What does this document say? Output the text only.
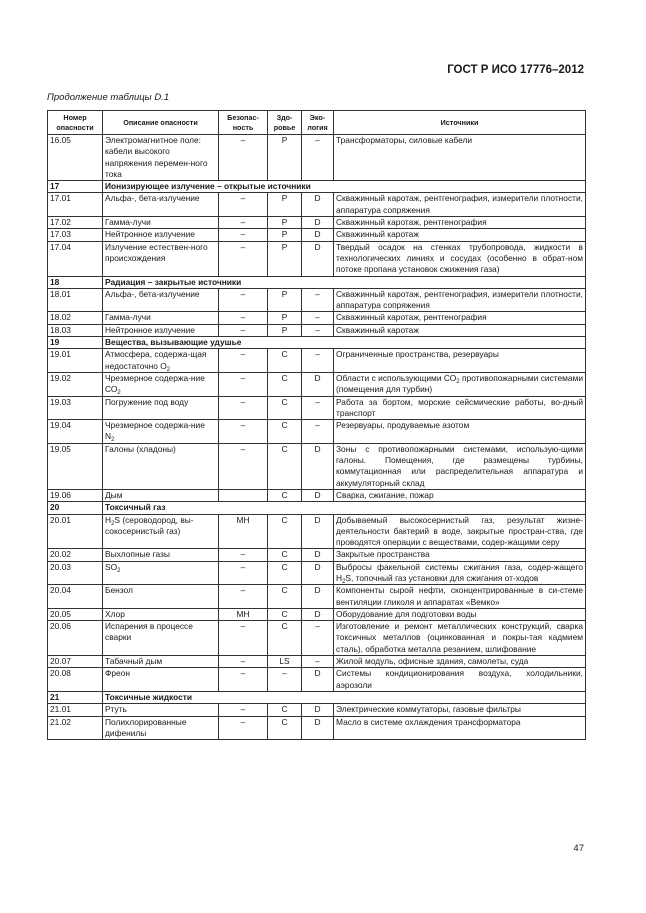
ГОСТ Р ИСО 17776–2012
Продолжение таблицы D.1
Номер опасности	Описание опасности	Безопас-ность	Здо-ровье	Эко-логия	Источники
16.05	Электромагнитное поле: кабели высокого напряжения перемен-ного тока	–	Р	–	Трансформаторы, силовые кабели
17	Ионизирующее излучение – открытые источники				
17.01	Альфа-, бета-излучение	–	Р	D	Скважинный каротаж, рентгенография, измерители плотности, аппаратура сопряжения
17.02	Гамма-лучи	–	Р	D	Скважинный каротаж, рентгенография
17.03	Нейтронное излучение	–	Р	D	Скважинный каротаж
17.04	Излучение естествен-ного происхождения	–	Р	D	Твердый осадок на стенках трубопровода, жидкости в технологических линиях и сосудах (особенно в обрат-ном потоке пропана установок сжижения газа)
18	Радиация – закрытые источники				
18.01	Альфа-, бета-излучение	–	Р	–	Скважинный каротаж, рентгенография, измерители плотности, аппаратура сопряжения
18.02	Гамма-лучи	–	Р	–	Скважинный каротаж, рентгенография
18.03	Нейтронное излучение	–	Р	–	Скважинный каротаж
19	Вещества, вызывающие удушье				
19.01	Атмосфера, содержа-щая недостаточно $О_2$	–	С	–	Ограниченные пространства, резервуары
19.02	Чрезмерное содержа-ние $СО_2$	–	С	D	Области с использующими $СО_2$ противопожарными системами (помещения для турбин)
19.03	Погружение под воду	–	С	–	Работа за бортом, морские сейсмические работы, во-дный транспорт
19.04	Чрезмерное содержа-ние $N_2$	–	С	–	Резервуары, продуваемые азотом
19.05	Галоны (хладоны)	–	С	D	Зоны с противопожарными системами, использую-щими галоны. Помещения, где размещены турбины, коммутационная или распределительная аппаратура и аккумуляторный склад
19.06	Дым		С	D	Сварка, сжигание, пожар
20	Токсичный газ				
20.01	$H_2S$ (сероводород, вы-сокосернистый газ)	МН	С	D	Добываемый высокосернистый газ, результат жизне-деятельности бактерий в воде, закрытые простран-ства, где проводятся операции с веществами, содер-жащими серу
20.02	Выхлопные газы	–	С	D	Закрытые пространства
20.03	$SO_2$	–	С	D	Выбросы факельной системы сжигания газа, содер-жащего $Н_2S$, топочный газ установки для сжигания от-ходов
20.04	Бензол	–	С	D	Компоненты сырой нефти, сконцентрированные в си-стеме вентиляции гликоля и аппаратах «Вемко»
20.05	Хлор	МН	С	D	Оборудование для подготовки воды
20.06	Испарения в процессе сварки	–	С	–	Изготовление и ремонт металлических конструкций, сварка токсичных металлов (оцинкованная и покры-тая кадмием сталь), обработка металла резанием, шлифование
20.07	Табачный дым	–	LS	–	Жилой модуль, офисные здания, самолеты, суда
20.08	Фреон	–	–	D	Системы кондиционирования воздуха, холодильники, аэрозоли
21	Токсичные жидкости				
21.01	Ртуть	–	С	D	Электрические коммутаторы, газовые фильтры
21.02	Полихлорированные дифенилы	–	С	D	Масло в системе охлаждения трансформатора
47
